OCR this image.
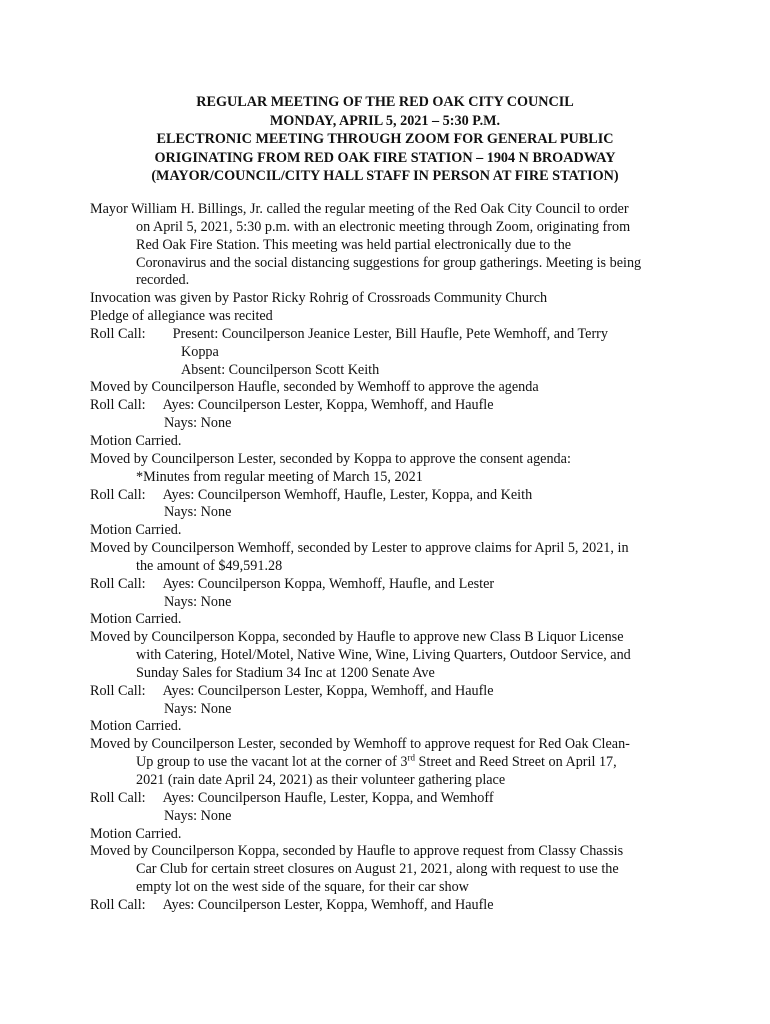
REGULAR MEETING OF THE RED OAK CITY COUNCIL
MONDAY, APRIL 5, 2021 – 5:30 P.M.
ELECTRONIC MEETING THROUGH ZOOM FOR GENERAL PUBLIC
ORIGINATING FROM RED OAK FIRE STATION – 1904 N BROADWAY
(MAYOR/COUNCIL/CITY HALL STAFF IN PERSON AT FIRE STATION)
Mayor William H. Billings, Jr. called the regular meeting of the Red Oak City Council to order
on April 5, 2021, 5:30 p.m. with an electronic meeting through Zoom, originating from
Red Oak Fire Station. This meeting was held partial electronically due to the
Coronavirus and the social distancing suggestions for group gatherings. Meeting is being
recorded.
Invocation was given by Pastor Ricky Rohrig of Crossroads Community Church
Pledge of allegiance was recited
Roll Call: Present: Councilperson Jeanice Lester, Bill Haufle, Pete Wemhoff, and Terry
Koppa
Absent: Councilperson Scott Keith
Moved by Councilperson Haufle, seconded by Wemhoff to approve the agenda
Roll Call: Ayes: Councilperson Lester, Koppa, Wemhoff, and Haufle
Nays: None
Motion Carried.
Moved by Councilperson Lester, seconded by Koppa to approve the consent agenda:
*Minutes from regular meeting of March 15, 2021
Roll Call: Ayes: Councilperson Wemhoff, Haufle, Lester, Koppa, and Keith
Nays: None
Motion Carried.
Moved by Councilperson Wemhoff, seconded by Lester to approve claims for April 5, 2021, in
the amount of $49,591.28
Roll Call: Ayes: Councilperson Koppa, Wemhoff, Haufle, and Lester
Nays: None
Motion Carried.
Moved by Councilperson Koppa, seconded by Haufle to approve new Class B Liquor License
with Catering, Hotel/Motel, Native Wine, Wine, Living Quarters, Outdoor Service, and
Sunday Sales for Stadium 34 Inc at 1200 Senate Ave
Roll Call: Ayes: Councilperson Lester, Koppa, Wemhoff, and Haufle
Nays: None
Motion Carried.
Moved by Councilperson Lester, seconded by Wemhoff to approve request for Red Oak Clean-
Up group to use the vacant lot at the corner of 3rd Street and Reed Street on April 17,
2021 (rain date April 24, 2021) as their volunteer gathering place
Roll Call: Ayes: Councilperson Haufle, Lester, Koppa, and Wemhoff
Nays: None
Motion Carried.
Moved by Councilperson Koppa, seconded by Haufle to approve request from Classy Chassis
Car Club for certain street closures on August 21, 2021, along with request to use the
empty lot on the west side of the square, for their car show
Roll Call: Ayes: Councilperson Lester, Koppa, Wemhoff, and Haufle
